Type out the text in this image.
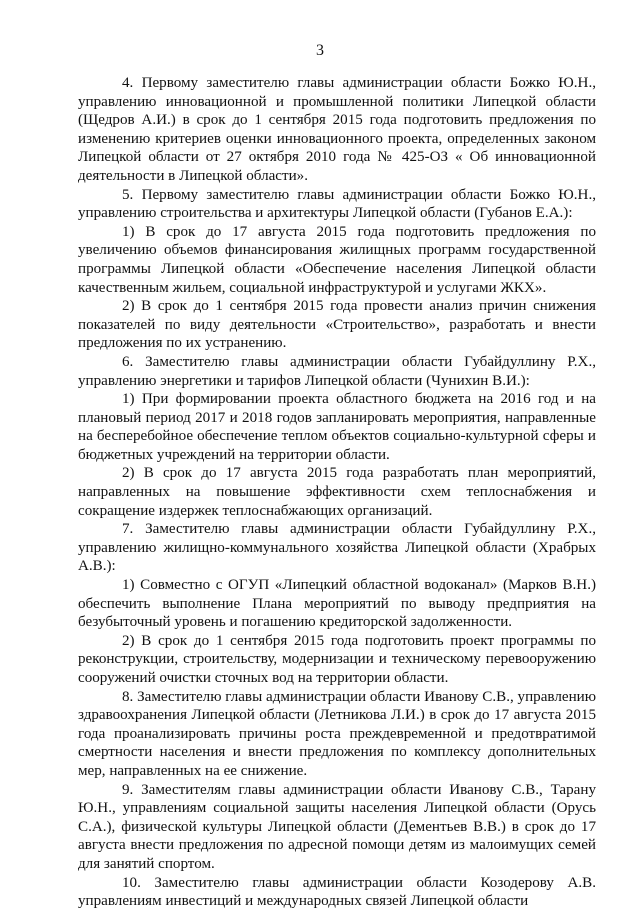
3

4. Первому заместителю главы администрации области Божко Ю.Н., управлению инновационной и промышленной политики Липецкой области (Щедров А.И.) в срок до 1 сентября 2015 года подготовить предложения по изменению критериев оценки инновационного проекта, определенных законом Липецкой области от 27 октября 2010 года № 425-ОЗ « Об инновационной деятельности в Липецкой области».

5. Первому заместителю главы администрации области Божко Ю.Н., управлению строительства и архитектуры Липецкой области (Губанов Е.А.):

1) В срок до 17 августа 2015 года подготовить предложения по увеличению объемов финансирования жилищных программ государственной программы Липецкой области «Обеспечение населения Липецкой области качественным жильем, социальной инфраструктурой и услугами ЖКХ».

2) В срок до 1 сентября 2015 года провести анализ причин снижения показателей по виду деятельности «Строительство», разработать и внести предложения по их устранению.

6. Заместителю главы администрации области Губайдуллину Р.Х., управлению энергетики и тарифов Липецкой области (Чунихин В.И.):

1) При формировании проекта областного бюджета на 2016 год и на плановый период 2017 и 2018 годов запланировать мероприятия, направленные на бесперебойное обеспечение теплом объектов социально-культурной сферы и бюджетных учреждений на территории области.

2) В срок до 17 августа 2015 года разработать план мероприятий, направленных на повышение эффективности схем теплоснабжения и сокращение издержек теплоснабжающих организаций.

7. Заместителю главы администрации области Губайдуллину Р.Х., управлению жилищно-коммунального хозяйства Липецкой области (Храбрых А.В.):

1) Совместно с ОГУП «Липецкий областной водоканал» (Марков В.Н.) обеспечить выполнение Плана мероприятий по выводу предприятия на безубыточный уровень и погашению кредиторской задолженности.

2) В срок до 1 сентября 2015 года подготовить проект программы по реконструкции, строительству, модернизации и техническому перевооружению сооружений очистки сточных вод на территории области.

8. Заместителю главы администрации области Иванову С.В., управлению здравоохранения Липецкой области (Летникова Л.И.) в срок до 17 августа 2015 года проанализировать причины роста преждевременной и предотвратимой смертности населения и внести предложения по комплексу дополнительных мер, направленных на ее снижение.

9. Заместителям главы администрации области Иванову С.В., Тарану Ю.Н., управлениям социальной защиты населения Липецкой области (Орусь С.А.), физической культуры Липецкой области (Дементьев В.В.) в срок до 17 августа внести предложения по адресной помощи детям из малоимущих семей для занятий спортом.

10. Заместителю главы администрации области Козодерову А.В. управлениям инвестиций и международных связей Липецкой области
